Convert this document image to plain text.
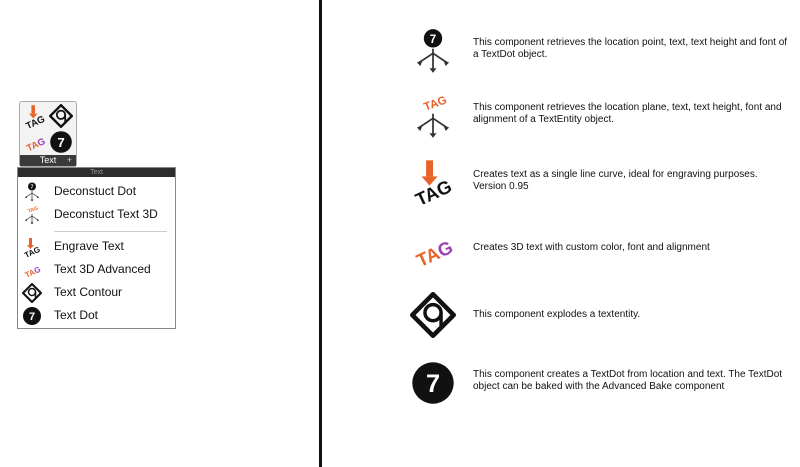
Text +
Text
Deconstuct Dot
Deconstuct Text 3D
Engrave Text
Text 3D Advanced
Text Contour
Text Dot
This component retrieves the location point, text, text height and font of a TextDot object.
This component retrieves the location plane, text, text height, font and alignment of a TextEntity object.
Creates text as a single line curve, ideal for engraving purposes. Version 0.95
Creates 3D text with custom color, font and alignment
This component explodes a textentity.
This component creates a TextDot from location and text. The TextDot object can be baked with the Advanced Bake component
